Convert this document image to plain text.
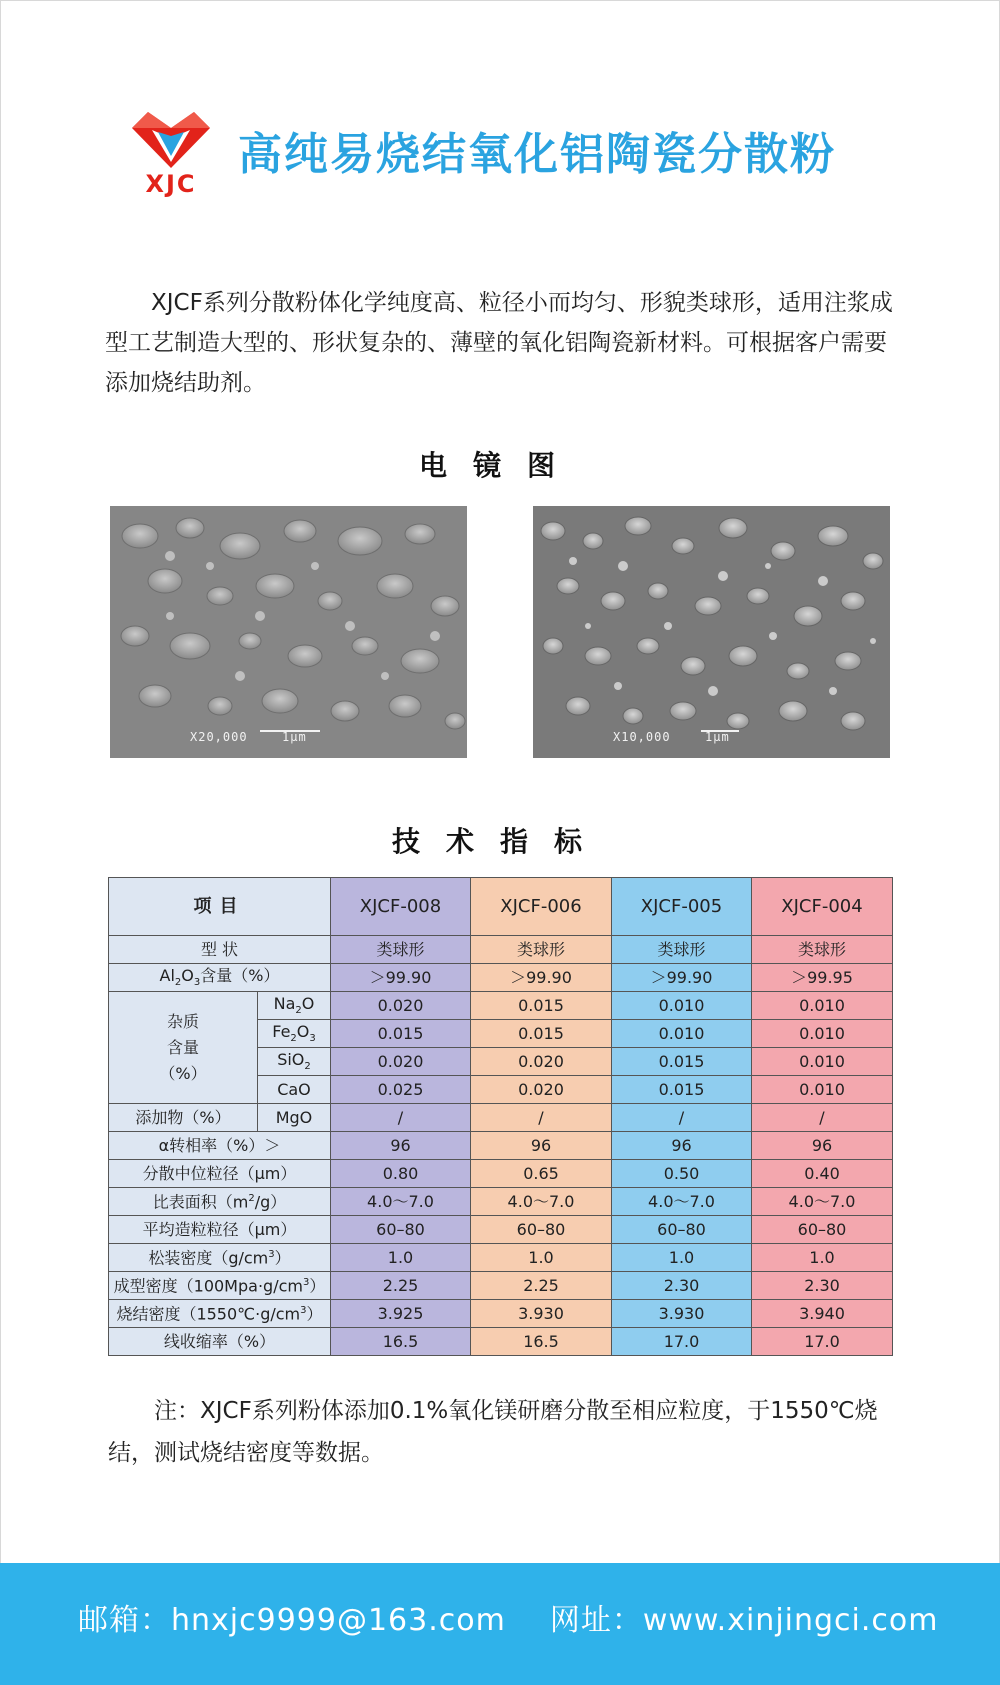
XJC
高纯易烧结氧化铝陶瓷分散粉
XJCF系列分散粉体化学纯度高、粒径小而均匀、形貌类球形，适用注浆成型工艺制造大型的、形状复杂的、薄壁的氧化铝陶瓷新材料。可根据客户需要添加烧结助剂。
电镜图
X20,000	1μm	X10,000	1μm
技术指标
项目		XJCF-008	XJCF-006	XJCF-005	XJCF-004
型 状		类球形	类球形	类球形	类球形
$Al_2O_3$含量（%）		＞99.90	＞99.90	＞99.90	＞99.95

杂质
含量
（%）	$Na_2O$	0.020	0.015	0.010	0.010
	$Fe_2O_3$	0.015	0.015	0.010	0.010
	SiO$_2$	0.020	0.020	0.015	0.010
	CaO	0.025	0.020	0.015	0.010
添加物（%）	MgO	/	/	/	/
α转相率（%）＞		96	96	96	96
分散中位粒径（μm）		0.80	0.65	0.50	0.40
比表面积$(m^2/g)$		4.0～7.0	4.0～7.0	4.0～7.0	4.0～7.0
平均造粒粒径（μm）		60–80	60–80	60–80	60–80
松装密度$(g/cm^3)$		1.0	1.0	1.0	1.0
成型密度$(100Mpa\cdot g/cm^3)$		2.25	2.25	2.30	2.30
烧结密度$(1550℃\cdot g/cm^3)$		3.925	3.930	3.930	3.940
线收缩率（%）		16.5	16.5	17.0	17.0
注：XJCF系列粉体添加0.1%氧化镁研磨分散至相应粒度，于1550℃烧结，测试烧结密度等数据。
邮箱：hnxjc9999@163.com 网址：www.xinjingci.com
